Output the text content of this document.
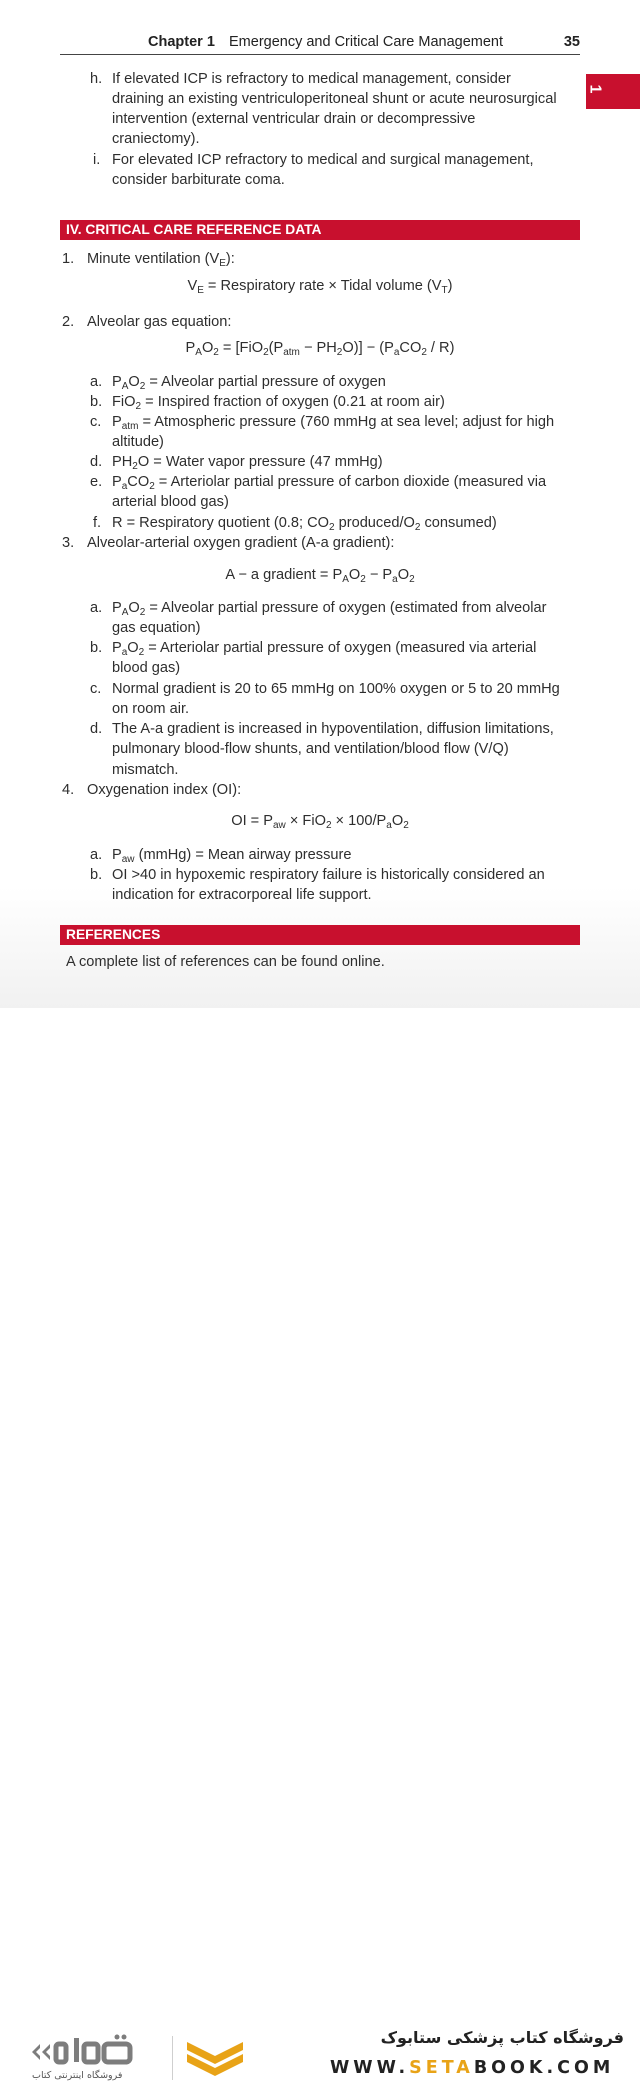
Chapter 1 Emergency and Critical Care Management	35
1
h. If elevated ICP is refractory to medical management, consider
draining an existing ventriculoperitoneal shunt or acute neurosurgical
intervention (external ventricular drain or decompressive
craniectomy).
i. For elevated ICP refractory to medical and surgical management,
consider barbiturate coma.
IV. CRITICAL CARE REFERENCE DATA
1. Minute ventilation $(V_E)$:
$V_E$ = Respiratory rate × Tidal volume $(V_T)$
2. Alveolar gas equation:
$P_AO_2 = [FiO_2(P_{atm} - PH_2O)] - (P_aCO_2 / R)$
a. $P_AO_2$ = Alveolar partial pressure of oxygen
b. FiO$_2$ = Inspired fraction of oxygen (0.21 at room air)
c. $P_{atm}$ = Atmospheric pressure (760 mmHg at sea level; adjust for high
altitude)
d. $PH_2O$ = Water vapor pressure (47 mmHg)
e. $P_aCO_2$ = Arteriolar partial pressure of carbon dioxide (measured via
arterial blood gas)
f. R = Respiratory quotient (0.8; $CO_2$ produced/$O_2$ consumed)
3. Alveolar-arterial oxygen gradient (A-a gradient):
A − a gradient = $P_AO_2 - P_aO_2$
a. $P_AO_2$ = Alveolar partial pressure of oxygen (estimated from alveolar
gas equation)
b. $P_aO_2$ = Arteriolar partial pressure of oxygen (measured via arterial
blood gas)
c. Normal gradient is 20 to 65 mmHg on 100% oxygen or 5 to 20 mmHg
on room air.
d. The A-a gradient is increased in hypoventilation, diffusion limitations,
pulmonary blood-flow shunts, and ventilation/blood flow (V/Q)
mismatch.
4. Oxygenation index (OI):
OI = $P_{aw} \times FiO_2 \times 100/P_aO_2$
a. $P_{aw}$ (mmHg) = Mean airway pressure
b. OI >40 in hypoxemic respiratory failure is historically considered an
indication for extracorporeal life support.
REFERENCES
A complete list of references can be found online.
فروشگاه اینترنتی کتاب
فروشگاه کتاب پزشکی ستابوک
WWW.SETABOOK.COM
